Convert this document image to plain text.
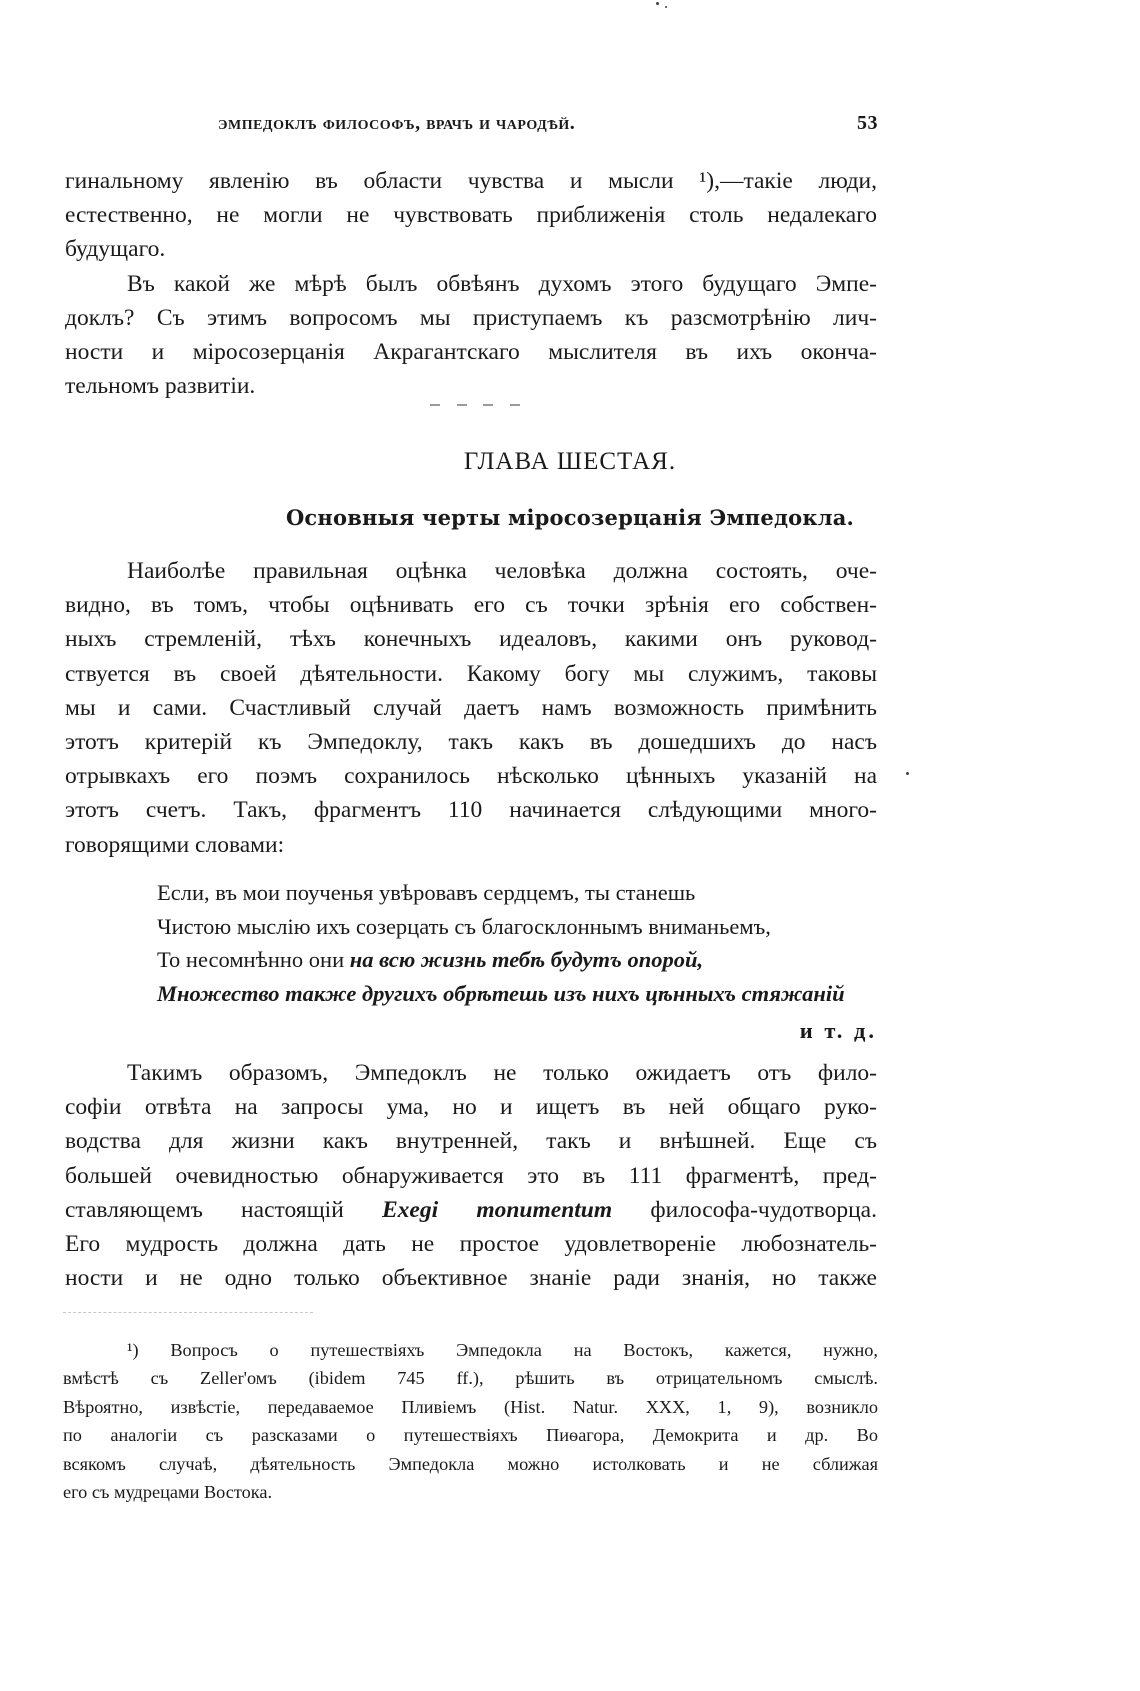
эмпедоклъ философъ, врачъ и чародѣй.	53
гинальному явленію въ области чувства и мысли ¹),—такіе люди,
естественно, не могли не чувствовать приближенія столь недалекаго
будущаго.
Въ какой же мѣрѣ былъ обвѣянъ духомъ этого будущаго Эмпе-
доклъ? Съ этимъ вопросомъ мы приступаемъ къ разсмотрѣнію лич-
ности и міросозерцанія Акрагантскаго мыслителя въ ихъ оконча-
тельномъ развитіи.
ГЛАВА ШЕСТАЯ.
Основныя черты міросозерцанія Эмпедокла.
Наиболѣе правильная оцѣнка человѣка должна состоять, оче-
видно, въ томъ, чтобы оцѣнивать его съ точки зрѣнія его собствен-
ныхъ стремленій, тѣхъ конечныхъ идеаловъ, какими онъ руковод-
ствуется въ своей дѣятельности. Какому богу мы служимъ, таковы
мы и сами. Счастливый случай даетъ намъ возможность примѣнить
этотъ критерій къ Эмпедоклу, такъ какъ въ дошедшихъ до насъ
отрывкахъ его поэмъ сохранилось нѣсколько цѣнныхъ указаній на
этотъ счетъ. Такъ, фрагментъ 110 начинается слѣдующими много-
говорящими словами:
Если, въ мои поученья увѣровавъ сердцемъ, ты станешь
Чистою мыслію ихъ созерцать съ благосклоннымъ вниманьемъ,
То несомнѣнно они на всю жизнь тебѣ будутъ опорой,
Множество также другихъ обрѣтешь изъ нихъ цѣнныхъ стяжаній
и т. д.
Такимъ образомъ, Эмпедоклъ не только ожидаетъ отъ фило-
софіи отвѣта на запросы ума, но и ищетъ въ ней общаго руко-
водства для жизни какъ внутренней, такъ и внѣшней. Еще съ
большей очевидностью обнаруживается это въ 111 фрагментѣ, пред-
ставляющемъ настоящій Exegi monumentum философа-чудотворца.
Его мудрость должна дать не простое удовлетвореніе любознатель-
ности и не одно только объективное знаніе ради знанія, но также
¹) Вопросъ о путешествіяхъ Эмпедокла на Востокъ, кажется, нужно,
вмѣстѣ съ Zeller'омъ (ibidem 745 ff.), рѣшить въ отрицательномъ смыслѣ.
Вѣроятно, извѣстіе, передаваемое Пливіемъ (Hist. Natur. XXX, 1, 9), возникло
по аналогіи съ разсказами о путешествіяхъ Пиѳагора, Демокрита и др. Во
всякомъ случаѣ, дѣятельность Эмпедокла можно истолковать и не сближая
его съ мудрецами Востока.
